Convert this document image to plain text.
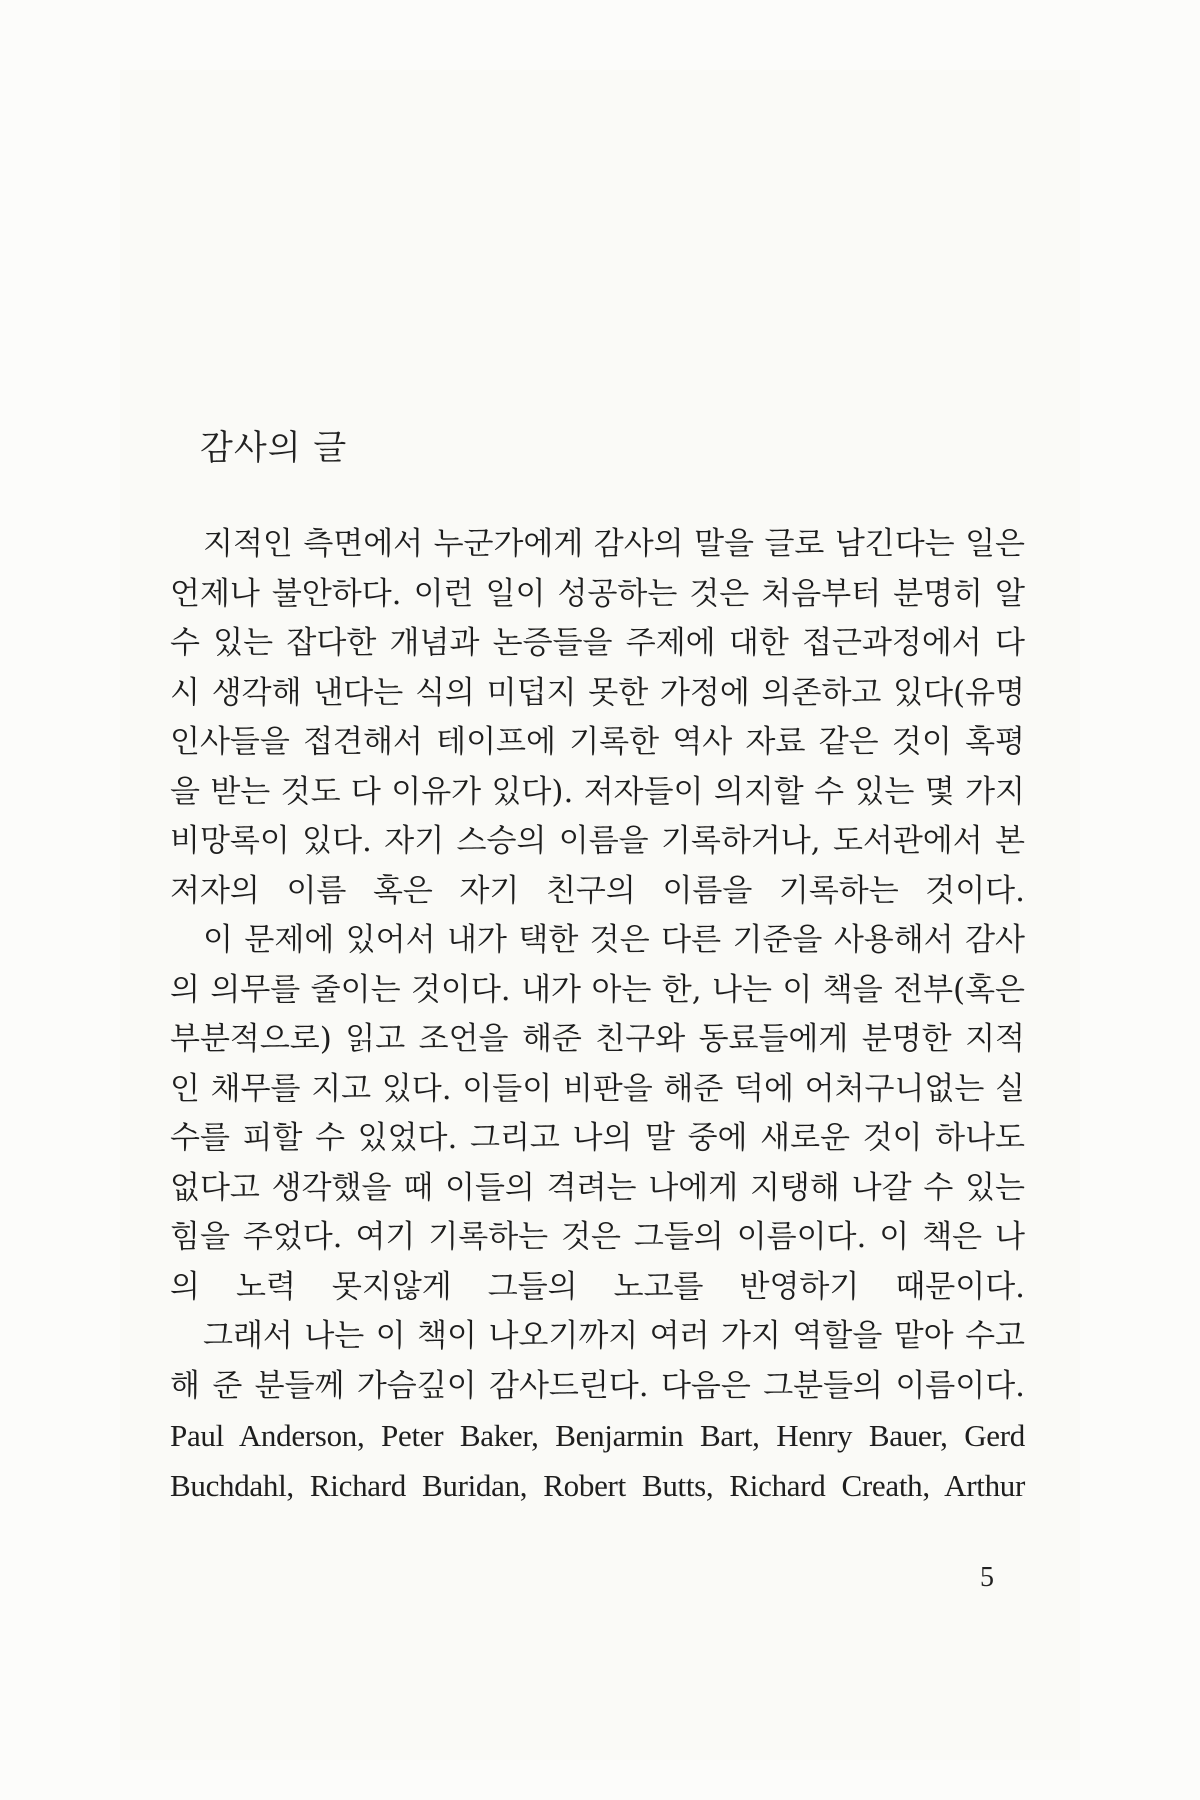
감사의 글

지적인 측면에서 누군가에게 감사의 말을 글로 남긴다는 일은 언제나 불안하다. 이런 일이 성공하는 것은 처음부터 분명히 알 수 있는 잡다한 개념과 논증들을 주제에 대한 접근과정에서 다시 생각해 낸다는 식의 미덥지 못한 가정에 의존하고 있다(유명인사들을 접견해서 테이프에 기록한 역사 자료 같은 것이 혹평을 받는 것도 다 이유가 있다). 저자들이 의지할 수 있는 몇 가지 비망록이 있다. 자기 스승의 이름을 기록하거나, 도서관에서 본 저자의 이름 혹은 자기 친구의 이름을 기록하는 것이다.

이 문제에 있어서 내가 택한 것은 다른 기준을 사용해서 감사의 의무를 줄이는 것이다. 내가 아는 한, 나는 이 책을 전부(혹은 부분적으로) 읽고 조언을 해준 친구와 동료들에게 분명한 지적인 채무를 지고 있다. 이들이 비판을 해준 덕에 어처구니없는 실수를 피할 수 있었다. 그리고 나의 말 중에 새로운 것이 하나도 없다고 생각했을 때 이들의 격려는 나에게 지탱해 나갈 수 있는 힘을 주었다. 여기 기록하는 것은 그들의 이름이다. 이 책은 나의 노력 못지않게 그들의 노고를 반영하기 때문이다.

그래서 나는 이 책이 나오기까지 여러 가지 역할을 맡아 수고해 준 분들께 가슴깊이 감사드린다. 다음은 그분들의 이름이다.

Paul Anderson, Peter Baker, Benjarmin Bart, Henry Bauer, Gerd Buchdahl, Richard Buridan, Robert Butts, Richard Creath, Arthur

5
